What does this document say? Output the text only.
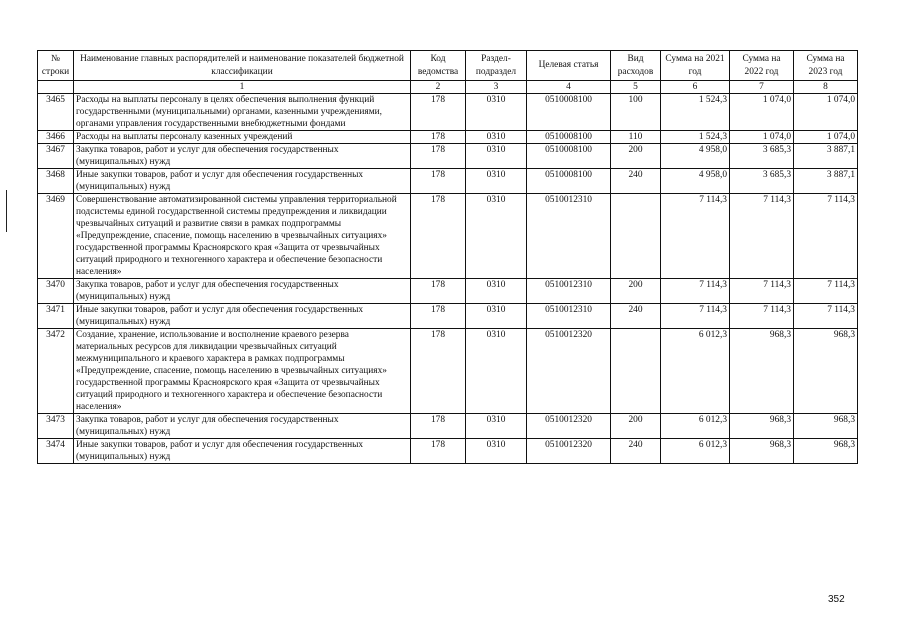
№ строки	Наименование главных распорядителей и наименование показателей бюджетной классификации	Код ведомства	Раздел-подраздел	Целевая статья	Вид расходов	Сумма на 2021 год	Сумма на 2022 год	Сумма на 2023 год
	1	2	3	4	5	6	7	8
3465	Расходы на выплаты персоналу в целях обеспечения выполнения функций государственными (муниципальными) органами, казенными учреждениями, органами управления государственными внебюджетными фондами	178	0310	0510008100	100	1 524,3	1 074,0	1 074,0
3466	Расходы на выплаты персоналу казенных учреждений	178	0310	0510008100	110	1 524,3	1 074,0	1 074,0
3467	Закупка товаров, работ и услуг для обеспечения государственных (муниципальных) нужд	178	0310	0510008100	200	4 958,0	3 685,3	3 887,1
3468	Иные закупки товаров, работ и услуг для обеспечения государственных (муниципальных) нужд	178	0310	0510008100	240	4 958,0	3 685,3	3 887,1
3469	Совершенствование автоматизированной системы управления территориальной подсистемы единой государственной системы предупреждения и ликвидации чрезвычайных ситуаций и развитие связи в рамках подпрограммы «Предупреждение, спасение, помощь населению в чрезвычайных ситуациях» государственной программы Красноярского края «Защита от чрезвычайных ситуаций природного и техногенного характера и обеспечение безопасности населения»	178	0310	0510012310		7 114,3	7 114,3	7 114,3
3470	Закупка товаров, работ и услуг для обеспечения государственных (муниципальных) нужд	178	0310	0510012310	200	7 114,3	7 114,3	7 114,3
3471	Иные закупки товаров, работ и услуг для обеспечения государственных (муниципальных) нужд	178	0310	0510012310	240	7 114,3	7 114,3	7 114,3
3472	Создание, хранение, использование и восполнение краевого резерва материальных ресурсов для ликвидации чрезвычайных ситуаций межмуниципального и краевого характера в рамках подпрограммы «Предупреждение, спасение, помощь населению в чрезвычайных ситуациях» государственной программы Красноярского края «Защита от чрезвычайных ситуаций природного и техногенного характера и обеспечение безопасности населения»	178	0310	0510012320		6 012,3	968,3	968,3
3473	Закупка товаров, работ и услуг для обеспечения государственных (муниципальных) нужд	178	0310	0510012320	200	6 012,3	968,3	968,3
3474	Иные закупки товаров, работ и услуг для обеспечения государственных (муниципальных) нужд	178	0310	0510012320	240	6 012,3	968,3	968,3
352
